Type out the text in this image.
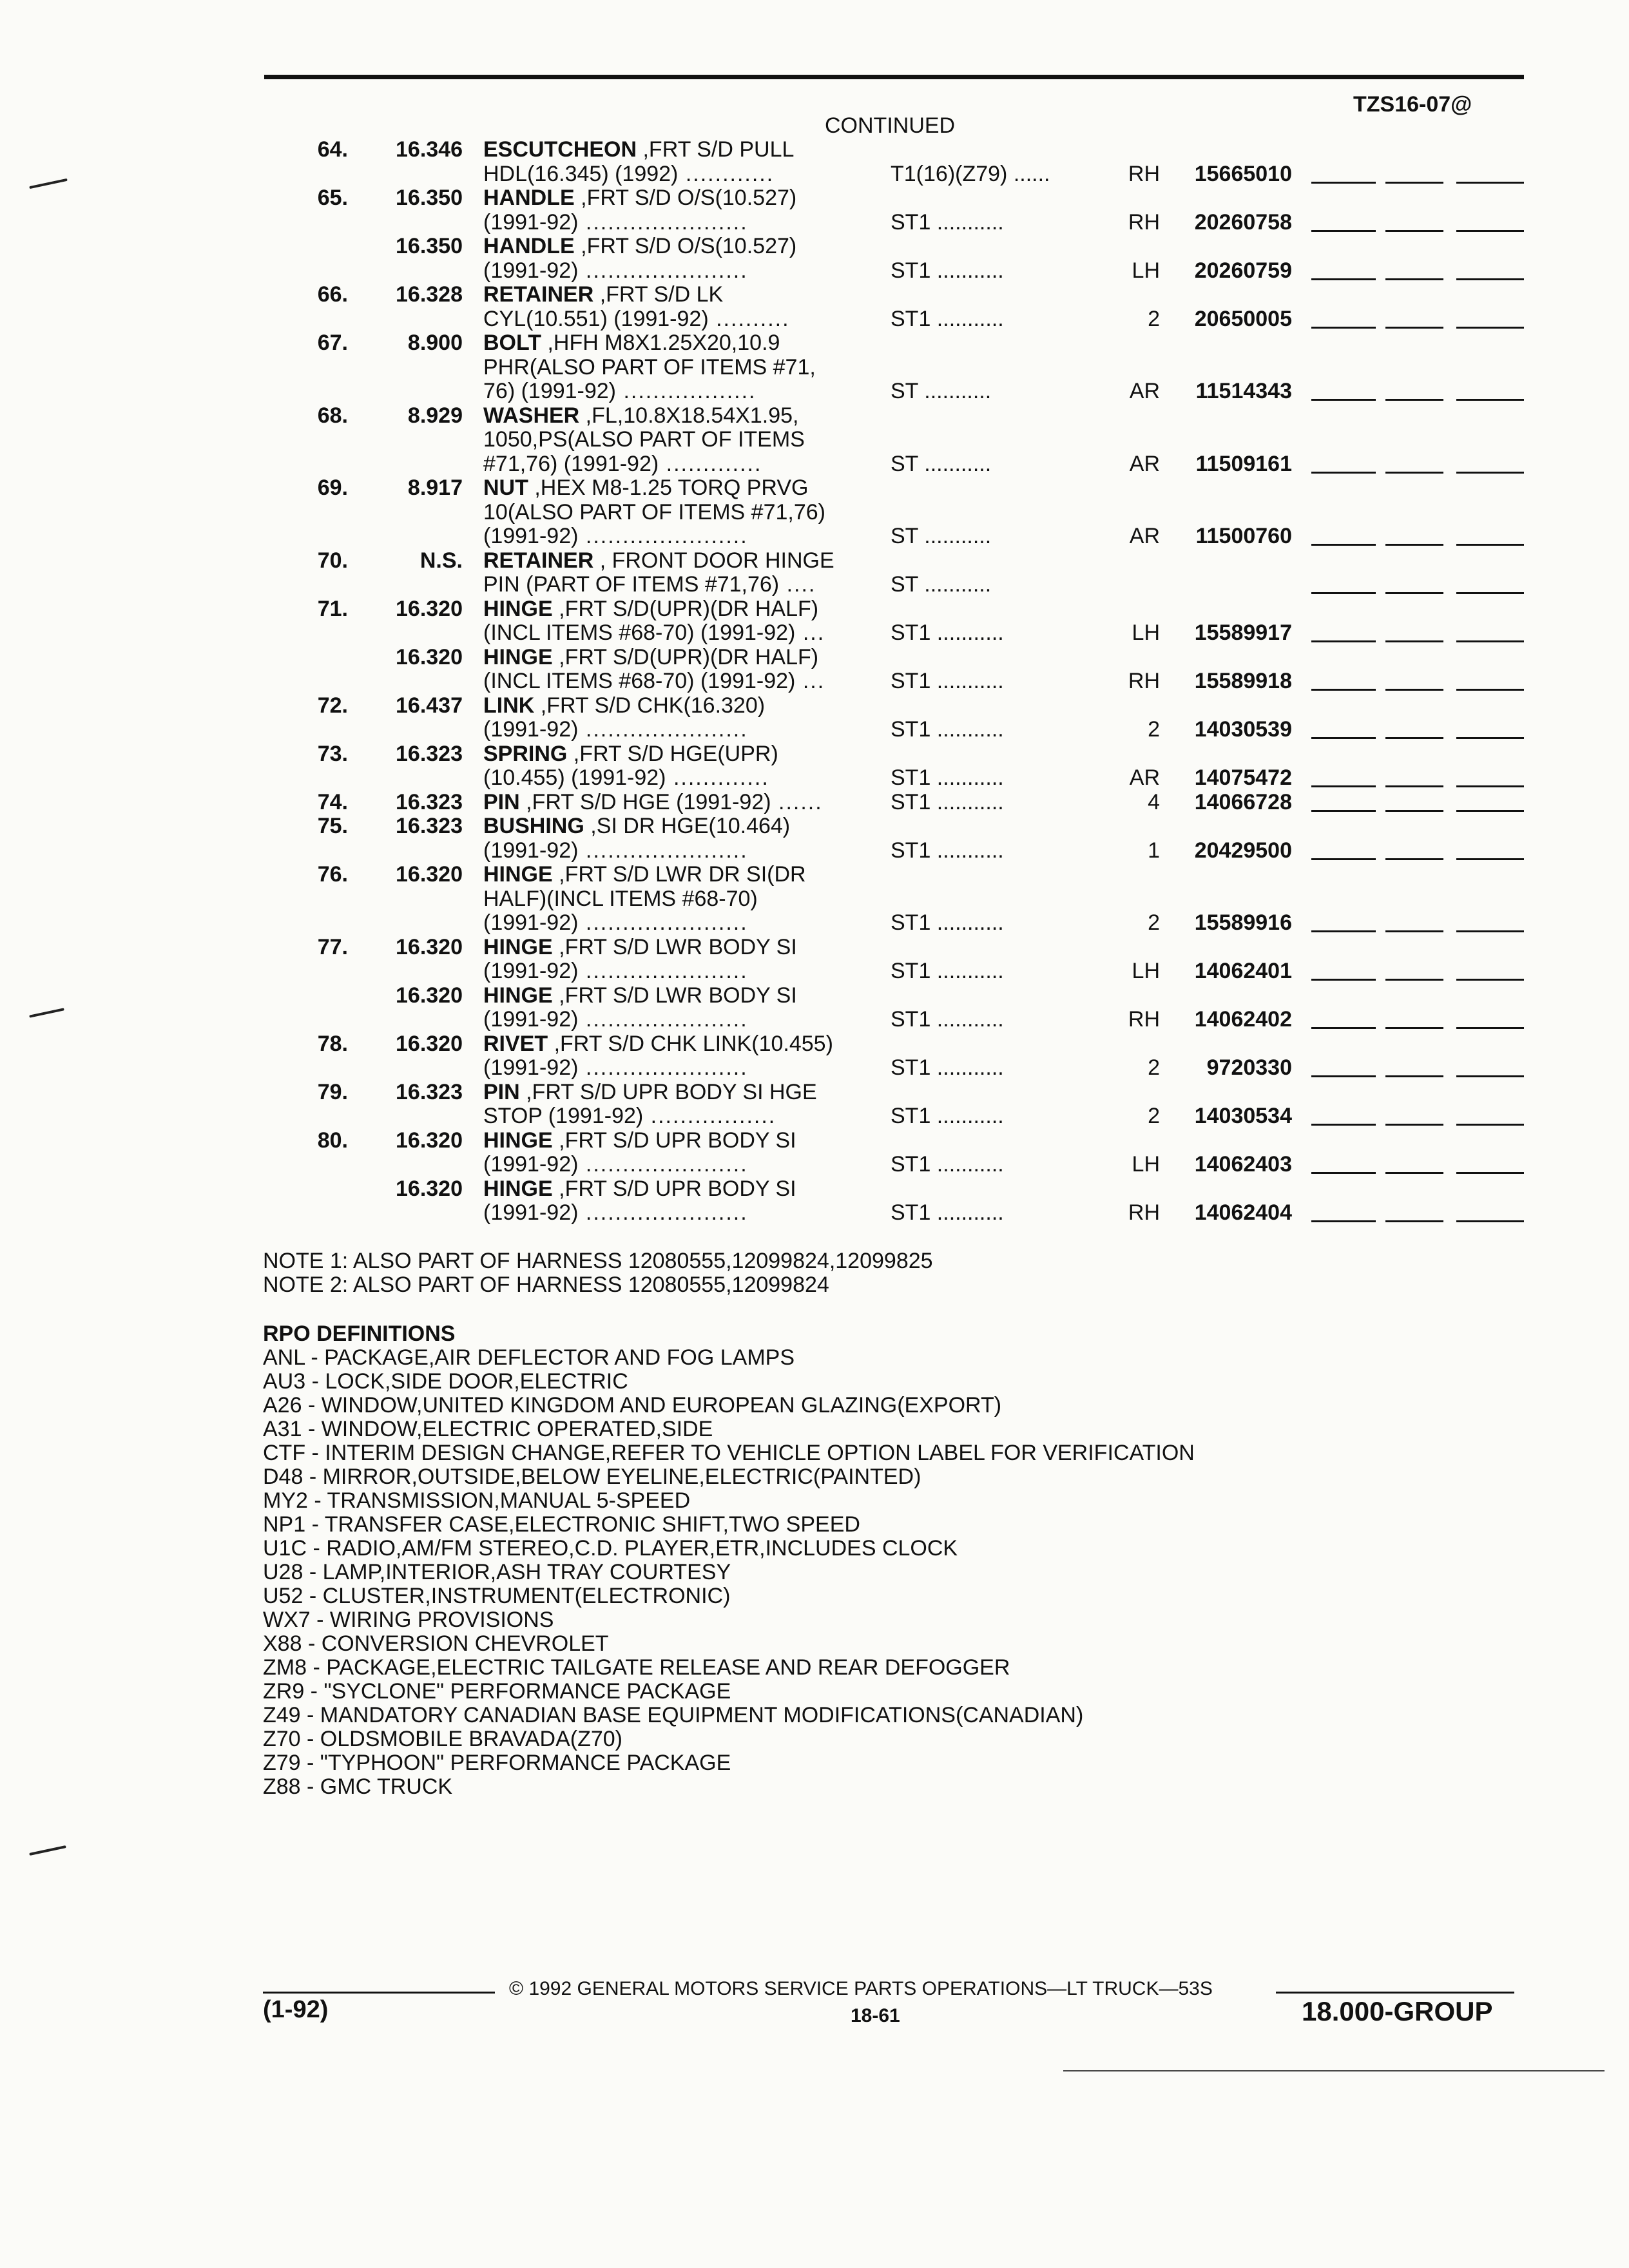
TZS16-07@
CONTINUED
64.	16.346 ESCUTCHEON ,FRT S/D PULL
HDL(16.345) (1992) ............	T1(16)(Z79) ......	RH	15665010
65.	16.350 HANDLE ,FRT S/D O/S(10.527)
(1991-92) ......................	ST1 ...........	RH	20260758
16.350 HANDLE ,FRT S/D O/S(10.527)
(1991-92) ......................	ST1 ...........	LH	20260759
66.	16.328 RETAINER ,FRT S/D LK
CYL(10.551) (1991-92) ..........	ST1 ...........	2	20650005
67.	8.900 BOLT ,HFH M8X1.25X20,10.9
PHR(ALSO PART OF ITEMS #71,
76) (1991-92) ..................	ST ...........	AR	11514343
68.	8.929 WASHER ,FL,10.8X18.54X1.95,
1050,PS(ALSO PART OF ITEMS
#71,76) (1991-92) .............	ST ...........	AR	11509161
69.	8.917 NUT ,HEX M8-1.25 TORQ PRVG
10(ALSO PART OF ITEMS #71,76)
(1991-92) ......................	ST ...........	AR	11500760
70.	N.S. RETAINER , FRONT DOOR HINGE
PIN (PART OF ITEMS #71,76) ....	ST ...........
71.	16.320 HINGE ,FRT S/D(UPR)(DR HALF)
(INCL ITEMS #68-70) (1991-92) ...	ST1 ...........	LH	15589917
16.320 HINGE ,FRT S/D(UPR)(DR HALF)
(INCL ITEMS #68-70) (1991-92) ...	ST1 ...........	RH	15589918
72.	16.437 LINK ,FRT S/D CHK(16.320)
(1991-92) ......................	ST1 ...........	2	14030539
73.	16.323 SPRING ,FRT S/D HGE(UPR)
(10.455) (1991-92) .............	ST1 ...........	AR	14075472
74.	16.323 PIN ,FRT S/D HGE (1991-92) ......	ST1 ...........	4	14066728
75.	16.323 BUSHING ,SI DR HGE(10.464)
(1991-92) ......................	ST1 ...........	1	20429500
76.	16.320 HINGE ,FRT S/D LWR DR SI(DR
HALF)(INCL ITEMS #68-70)
(1991-92) ......................	ST1 ...........	2	15589916
77.	16.320 HINGE ,FRT S/D LWR BODY SI
(1991-92) ......................	ST1 ...........	LH	14062401
16.320 HINGE ,FRT S/D LWR BODY SI
(1991-92) ......................	ST1 ...........	RH	14062402
78.	16.320 RIVET ,FRT S/D CHK LINK(10.455)
(1991-92) ......................	ST1 ...........	2	9720330
79.	16.323 PIN ,FRT S/D UPR BODY SI HGE
STOP (1991-92) .................	ST1 ...........	2	14030534
80.	16.320 HINGE ,FRT S/D UPR BODY SI
(1991-92) ......................	ST1 ...........	LH	14062403
16.320 HINGE ,FRT S/D UPR BODY SI
(1991-92) ......................	ST1 ...........	RH	14062404
NOTE 1: ALSO PART OF HARNESS 12080555,12099824,12099825
NOTE 2: ALSO PART OF HARNESS 12080555,12099824
RPO DEFINITIONS
ANL - PACKAGE,AIR DEFLECTOR AND FOG LAMPS
AU3 - LOCK,SIDE DOOR,ELECTRIC
A26 - WINDOW,UNITED KINGDOM AND EUROPEAN GLAZING(EXPORT)
A31 - WINDOW,ELECTRIC OPERATED,SIDE
CTF - INTERIM DESIGN CHANGE,REFER TO VEHICLE OPTION LABEL FOR VERIFICATION
D48 - MIRROR,OUTSIDE,BELOW EYELINE,ELECTRIC(PAINTED)
MY2 - TRANSMISSION,MANUAL 5-SPEED
NP1 - TRANSFER CASE,ELECTRONIC SHIFT,TWO SPEED
U1C - RADIO,AM/FM STEREO,C.D. PLAYER,ETR,INCLUDES CLOCK
U28 - LAMP,INTERIOR,ASH TRAY COURTESY
U52 - CLUSTER,INSTRUMENT(ELECTRONIC)
WX7 - WIRING PROVISIONS
X88 - CONVERSION CHEVROLET
ZM8 - PACKAGE,ELECTRIC TAILGATE RELEASE AND REAR DEFOGGER
ZR9 - "SYCLONE" PERFORMANCE PACKAGE
Z49 - MANDATORY CANADIAN BASE EQUIPMENT MODIFICATIONS(CANADIAN)
Z70 - OLDSMOBILE BRAVADA(Z70)
Z79 - "TYPHOON" PERFORMANCE PACKAGE
Z88 - GMC TRUCK
© 1992 GENERAL MOTORS SERVICE PARTS OPERATIONS—LT TRUCK—53S
(1-92)	18-61	18.000-GROUP
